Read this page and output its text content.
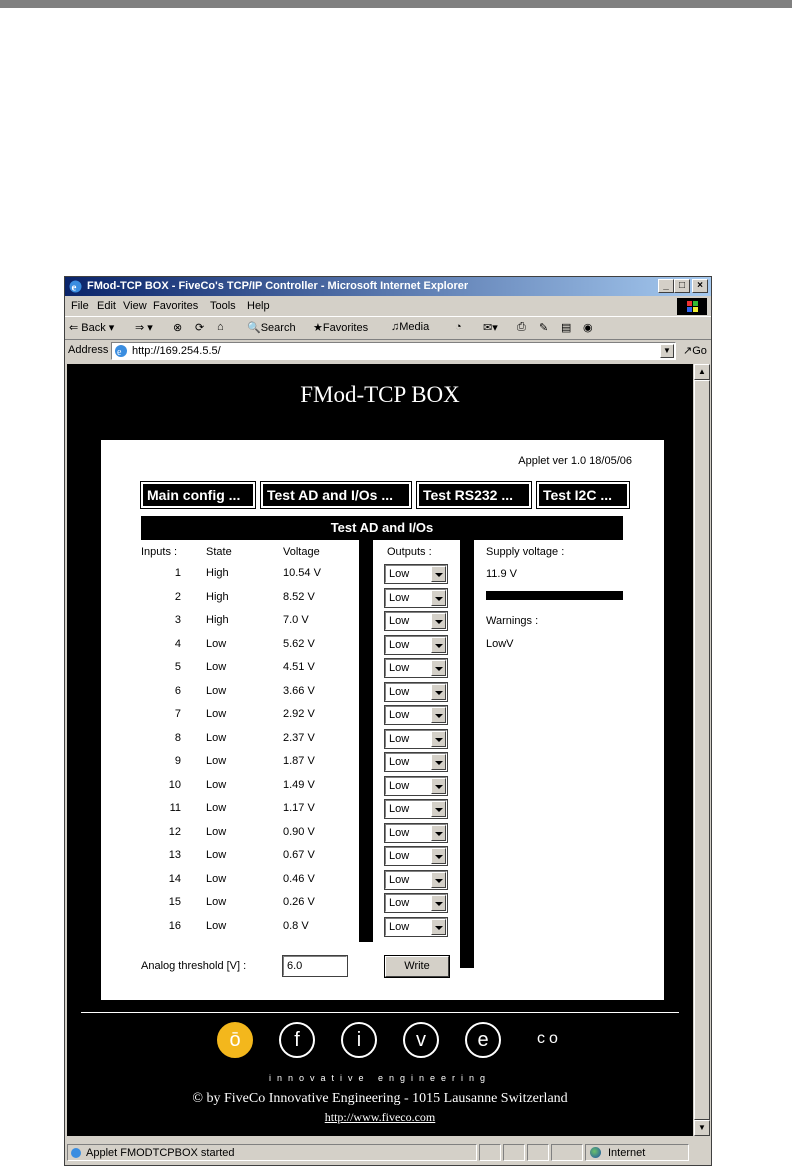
e FMod-TCP BOX - FiveCo's TCP/IP Controller - Microsoft Internet Explorer	_	□	×
File Edit View Favorites Tools Help
⇐ Back ▾ ⇒ ▾ ⊗ ⟳ ⌂ 🔍Search ★Favorites ♫Media ◔ ✉▾ ⎙ ✎ ▤ ◉
Address e http://169.254.5.5/	▼ ↗Go
FMod-TCP BOX
Applet ver 1.0 18/05/06
Main config ...	Test AD and I/Os ...	Test RS232 ...	Test I2C ...
Test AD and I/Os
Inputs :	State	Voltage	Outputs :
1 High	10.54 V	Low
2 High	8.52 V	Low
3 High	7.0 V	Low
4 Low	5.62 V	Low
5 Low	4.51 V	Low
6 Low	3.66 V	Low
7 Low	2.92 V	Low
8 Low	2.37 V	Low
9 Low	1.87 V	Low
10 Low	1.49 V	Low
11 Low	1.17 V	Low
12 Low	0.90 V	Low
13 Low	0.67 V	Low
14 Low	0.46 V	Low
15 Low	0.26 V	Low
16 Low	0.8 V	Low
Supply voltage :
11.9 V
Warnings :
LowV
Analog threshold [V] :
6.0	Write
ō	f	i	v	e	co
innovative engineering
© by FiveCo Innovative Engineering - 1015 Lausanne Switzerland
http://www.fiveco.com
▲
▼
Applet FMODTCPBOX started	Internet
